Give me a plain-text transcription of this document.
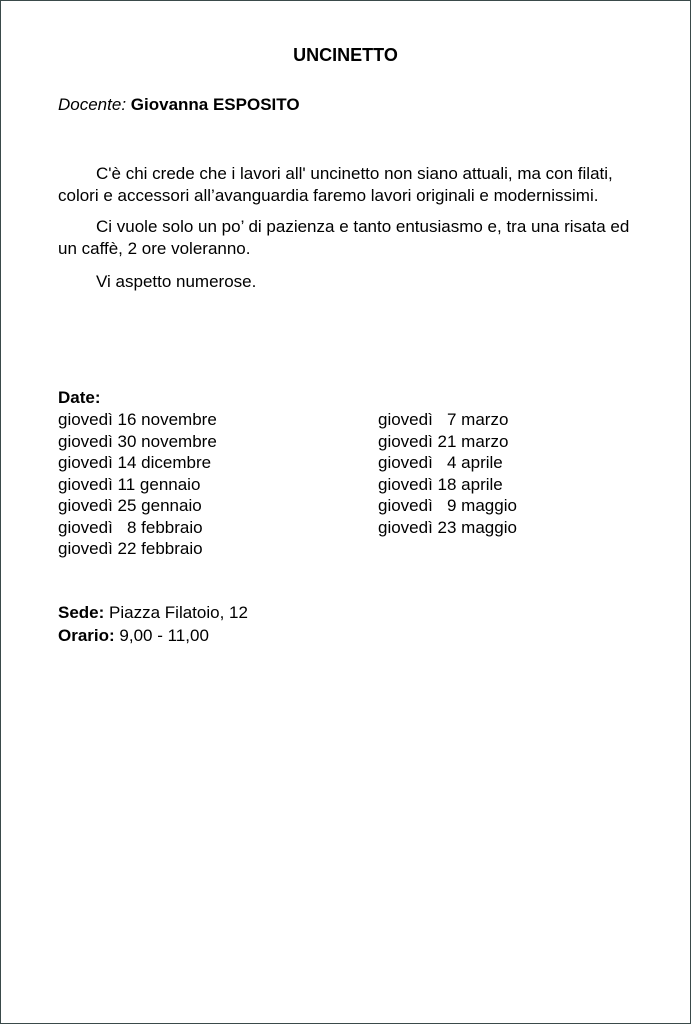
UNCINETTO
Docente: Giovanna ESPOSITO

C'è chi crede che i lavori all' uncinetto non siano attuali, ma con filati, colori e accessori all’avanguardia faremo lavori originali e modernissimi.

Ci vuole solo un po’ di pazienza e tanto entusiasmo e, tra una risata ed un caffè, 2 ore voleranno.

Vi aspetto numerose.

Date:
giovedì 16 novembre
giovedì 30 novembre
giovedì 14 dicembre
giovedì 11 gennaio
giovedì 25 gennaio
giovedì   8 febbraio
giovedì 22 febbraio
giovedì   7 marzo
giovedì 21 marzo
giovedì   4 aprile
giovedì 18 aprile
giovedì   9 maggio
giovedì 23 maggio
Sede: Piazza Filatoio, 12
Orario: 9,00 - 11,00
